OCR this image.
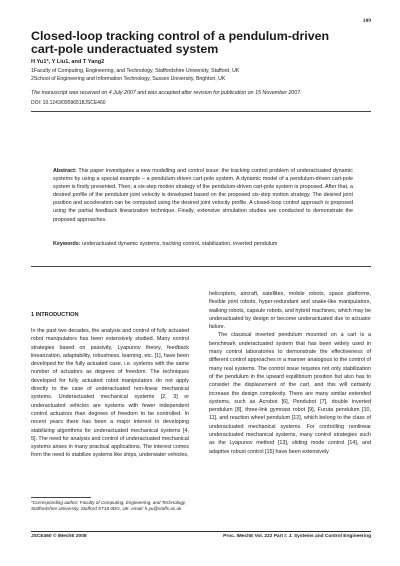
109
Closed-loop tracking control of a pendulum-driven cart-pole underactuated system
H Yu1*, Y Liu1, and T Yang2
1Faculty of Computing, Engineering, and Technology, Staffordshire University, Stafford, UK
2School of Engineering and Information Technology, Sussex University, Brighton, UK
The manuscript was received on 4 July 2007 and was accepted after revision for publication on 15 November 2007.
DOI: 10.1243/09596518JSCE460
Abstract: This paper investigates a new modelling and control issue: the tracking control problem of underactuated dynamic systems by using a special example – a pendulum-driven cart-pole system. A dynamic model of a pendulum-driven cart-pole system is firstly presented. Then, a six-step motion strategy of the pendulum-driven cart-pole system is proposed. After that, a desired profile of the pendulum joint velocity is developed based on the proposed six-step motion strategy. The desired joint position and acceleration can be computed using the desired joint velocity profile. A closed-loop control approach is proposed using the partial feedback linearization technique. Finally, extensive simulation studies are conducted to demonstrate the proposed approaches.
Keywords: underactuated dynamic systems, tracking control, stabilization, inverted pendulum
1 INTRODUCTION

In the past two decades, the analysis and control of fully actuated robot manipulators has been extensively studied. Many control strategies based on passivity, Lyapunov theory, feedback linearization, adaptability, robustness, learning, etc. [1], have been developed for the fully actuated case, i.e. systems with the same number of actuators as degrees of freedom. The techniques developed for fully actuated robot manipulators do not apply directly to the case of underactuated non-linear mechanical systems. Underactuated mechanical systems [2, 3] or underactuated vehicles are systems with fewer independent control actuators than degrees of freedom to be controlled. In recent years there has been a major interest in developing stabilizing algorithms for underactuated mechanical systems [4, 5]. The need for analysis and control of underactuated mechanical systems arises in many practical applications. The interest comes from the need to stabilize systems like ships, underwater vehicles,

helicopters, aircraft, satellites, mobile robots, space platforms, flexible joint robots, hyper-redundant and snake-like manipulators, walking robots, capsule robots, and hybrid machines, which may be underactuated by design or become underactuated due to actuator failure.

The classical inverted pendulum mounted on a cart is a benchmark underactuated system that has been widely used in many control laboratories to demonstrate the effectiveness of different control approaches in a manner analogous to the control of many real systems. The control issue requires not only stabilization of the pendulum in the upward equilibrium position but also has to consider the displacement of the cart, and this will certainly increase the design complexity. There are many similar extended systems, such as Acrobot [6], Pendubot [7], double inverted pendulum [8], three-link gymnast robot [9], Furuta pendulum [10, 11], and reaction wheel pendulum [12], which belong to the class of underactuated mechanical systems. For controlling nonlinear underactuated mechanical systems, many control strategies such as the Lyapunov method [13], sliding mode control [14], and adaptive robust control [15] have been extensively

*Corresponding author: Faculty of Computing, Engineering, and Technology, Staffordshire University, Stafford ST18 0DG, UK. email: h.yu@staffs.ac.uk
JSCE460 © IMechE 2008	Proc. IMechE Vol. 222 Part I: J. Systems and Control Engineering
